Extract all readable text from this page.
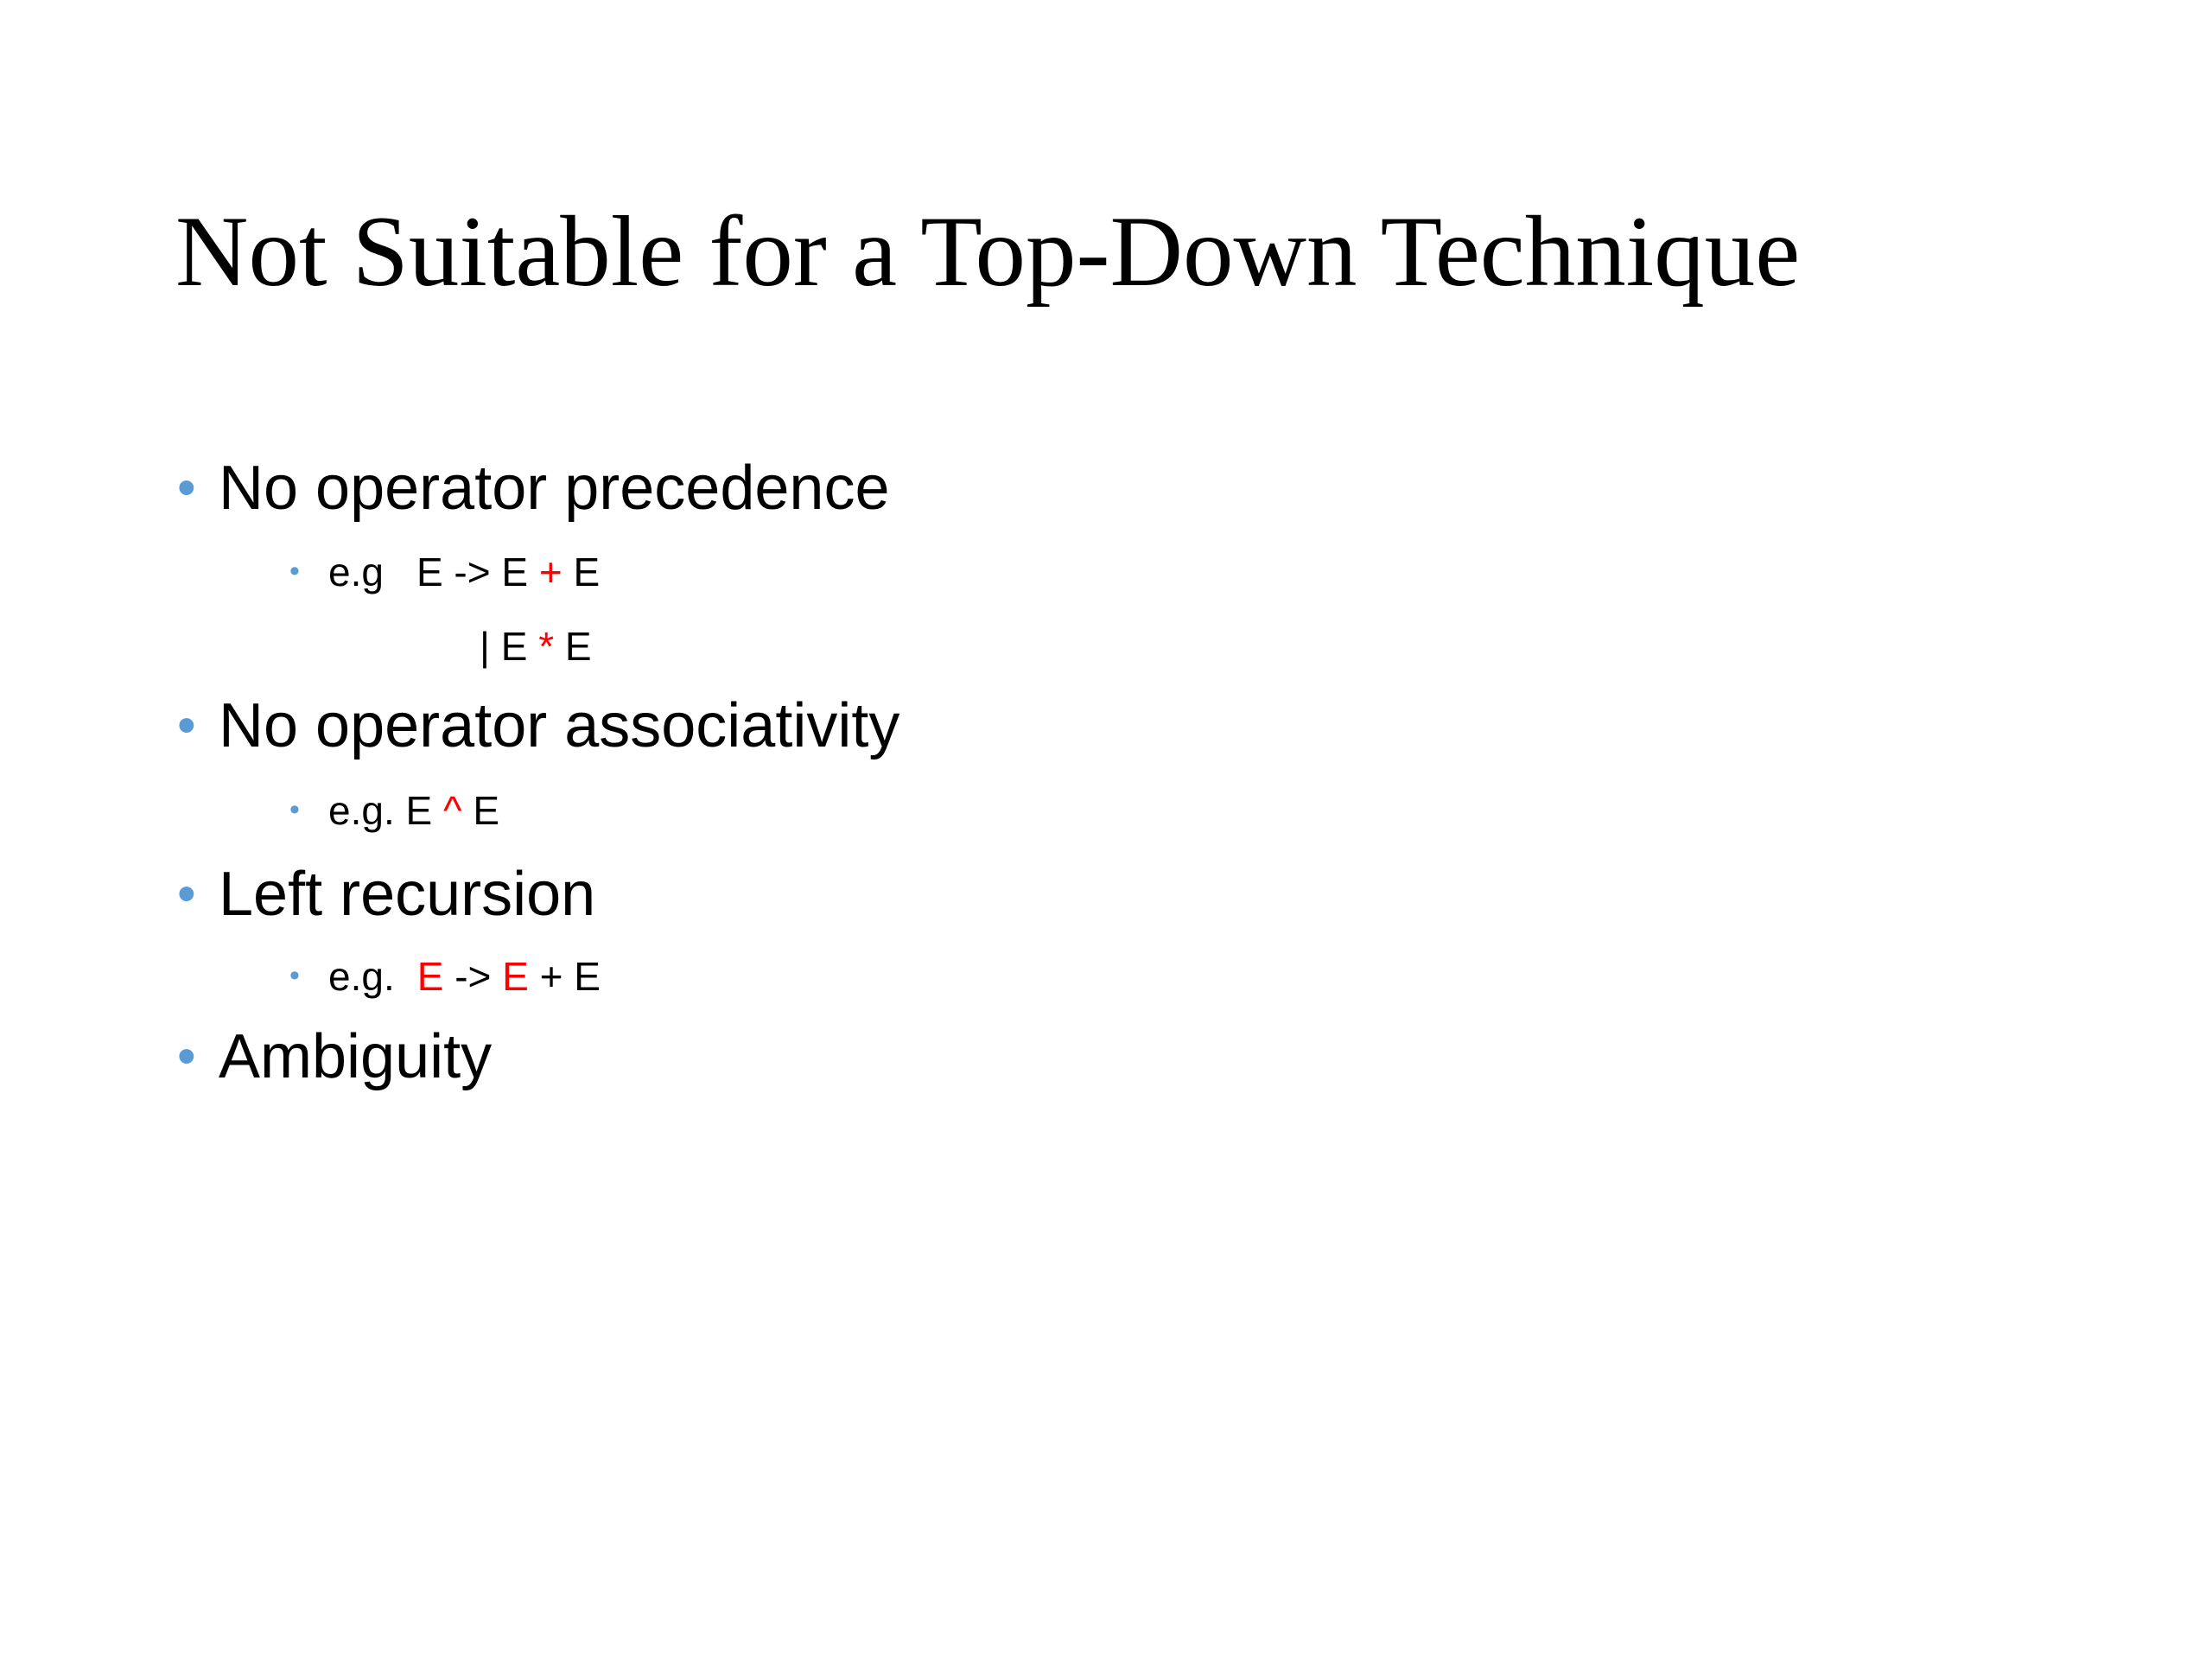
Not Suitable for a Top-Down Technique
• No operator precedence
• e.g E -> E + E
| E * E
• No operator associativity
• e.g. E ^ E
• Left recursion
• e.g. E -> E + E
• Ambiguity
